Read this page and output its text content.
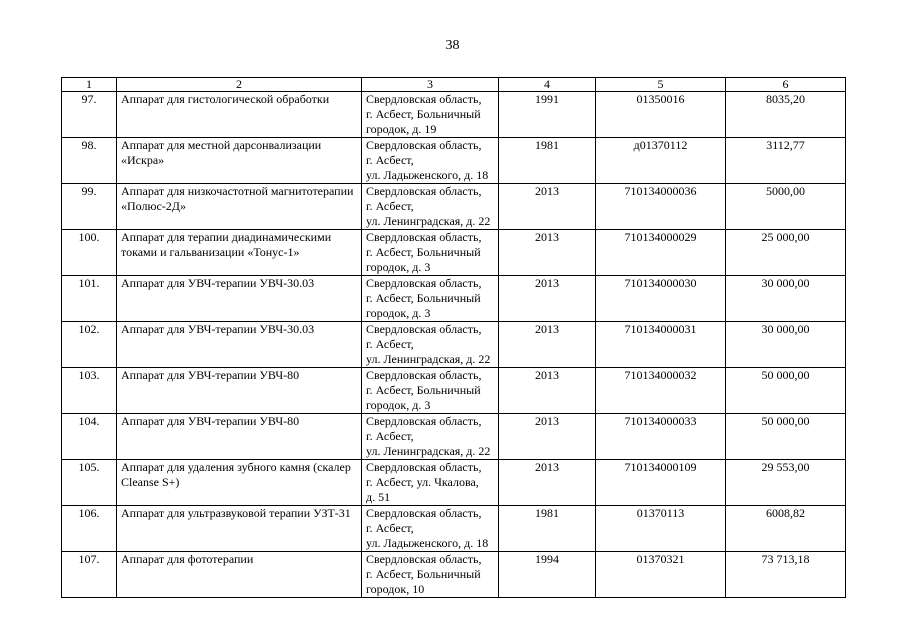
38
1	2	3	4	5	6
97.	Аппарат для гистологической обработки	Свердловская область,
г. Асбест, Больничный
городок, д. 19	1991	01350016	8035,20
98.	Аппарат для местной дарсонвализации «Искра»	Свердловская область,
г. Асбест,
ул. Ладыженского, д. 18	1981	д01370112	3112,77
99.	Аппарат для низкочастотной магнитотерапии «Полюс-2Д»	Свердловская область,
г. Асбест,
ул. Ленинградская, д. 22	2013	710134000036	5000,00
100.	Аппарат для терапии диадинамическими токами и гальванизации «Тонус-1»	Свердловская область,
г. Асбест, Больничный
городок, д. 3	2013	710134000029	25 000,00
101.	Аппарат для УВЧ-терапии УВЧ-30.03	Свердловская область,
г. Асбест, Больничный
городок, д. 3	2013	710134000030	30 000,00
102.	Аппарат для УВЧ-терапии УВЧ-30.03	Свердловская область,
г. Асбест,
ул. Ленинградская, д. 22	2013	710134000031	30 000,00
103.	Аппарат для УВЧ-терапии УВЧ-80	Свердловская область,
г. Асбест, Больничный
городок, д. 3	2013	710134000032	50 000,00
104.	Аппарат для УВЧ-терапии УВЧ-80	Свердловская область,
г. Асбест,
ул. Ленинградская, д. 22	2013	710134000033	50 000,00
105.	Аппарат для удаления зубного камня (скалер Cleanse S+)	Свердловская область,
г. Асбест, ул. Чкалова,
д. 51	2013	710134000109	29 553,00
106.	Аппарат для ультразвуковой терапии УЗТ-31	Свердловская область,
г. Асбест,
ул. Ладыженского, д. 18	1981	01370113	6008,82
107.	Аппарат для фототерапии	Свердловская область,
г. Асбест, Больничный
городок, 10	1994	01370321	73 713,18
